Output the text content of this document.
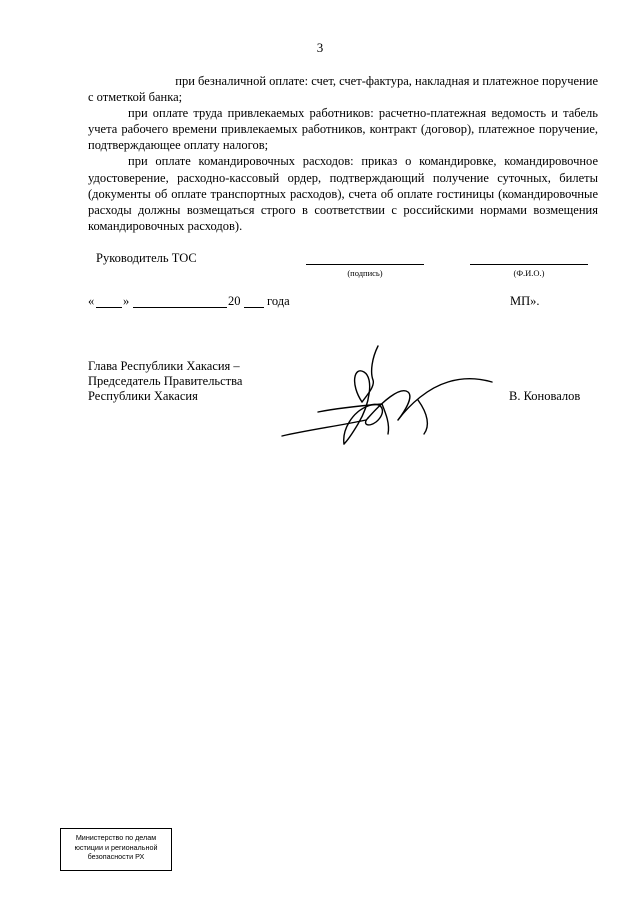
3

при безналичной оплате: счет, счет-фактура, накладная и платежное поручение

с отметкой банка;

при оплате труда привлекаемых работников: расчетно-платежная ведомость и табель учета рабочего времени привлекаемых работников, контракт (договор), платежное поручение, подтверждающее оплату налогов;

при оплате командировочных расходов: приказ о командировке, командировочное удостоверение, расходно-кассовый ордер, подтверждающий получение суточных, билеты (документы об оплате транспортных расходов), счета об оплате гостиницы (командировочные расходы должны возмещаться строго в соответствии с российскими нормами возмещения командировочных расходов).

Руководитель ТОС
(подпись)	(Ф.И.О.)
« »	20 года	МП».
Глава Республики Хакасия –
Председатель Правительства
Республики Хакасия	В. Коновалов
Министерство по делам
юстиции и региональной
безопасности РХ
